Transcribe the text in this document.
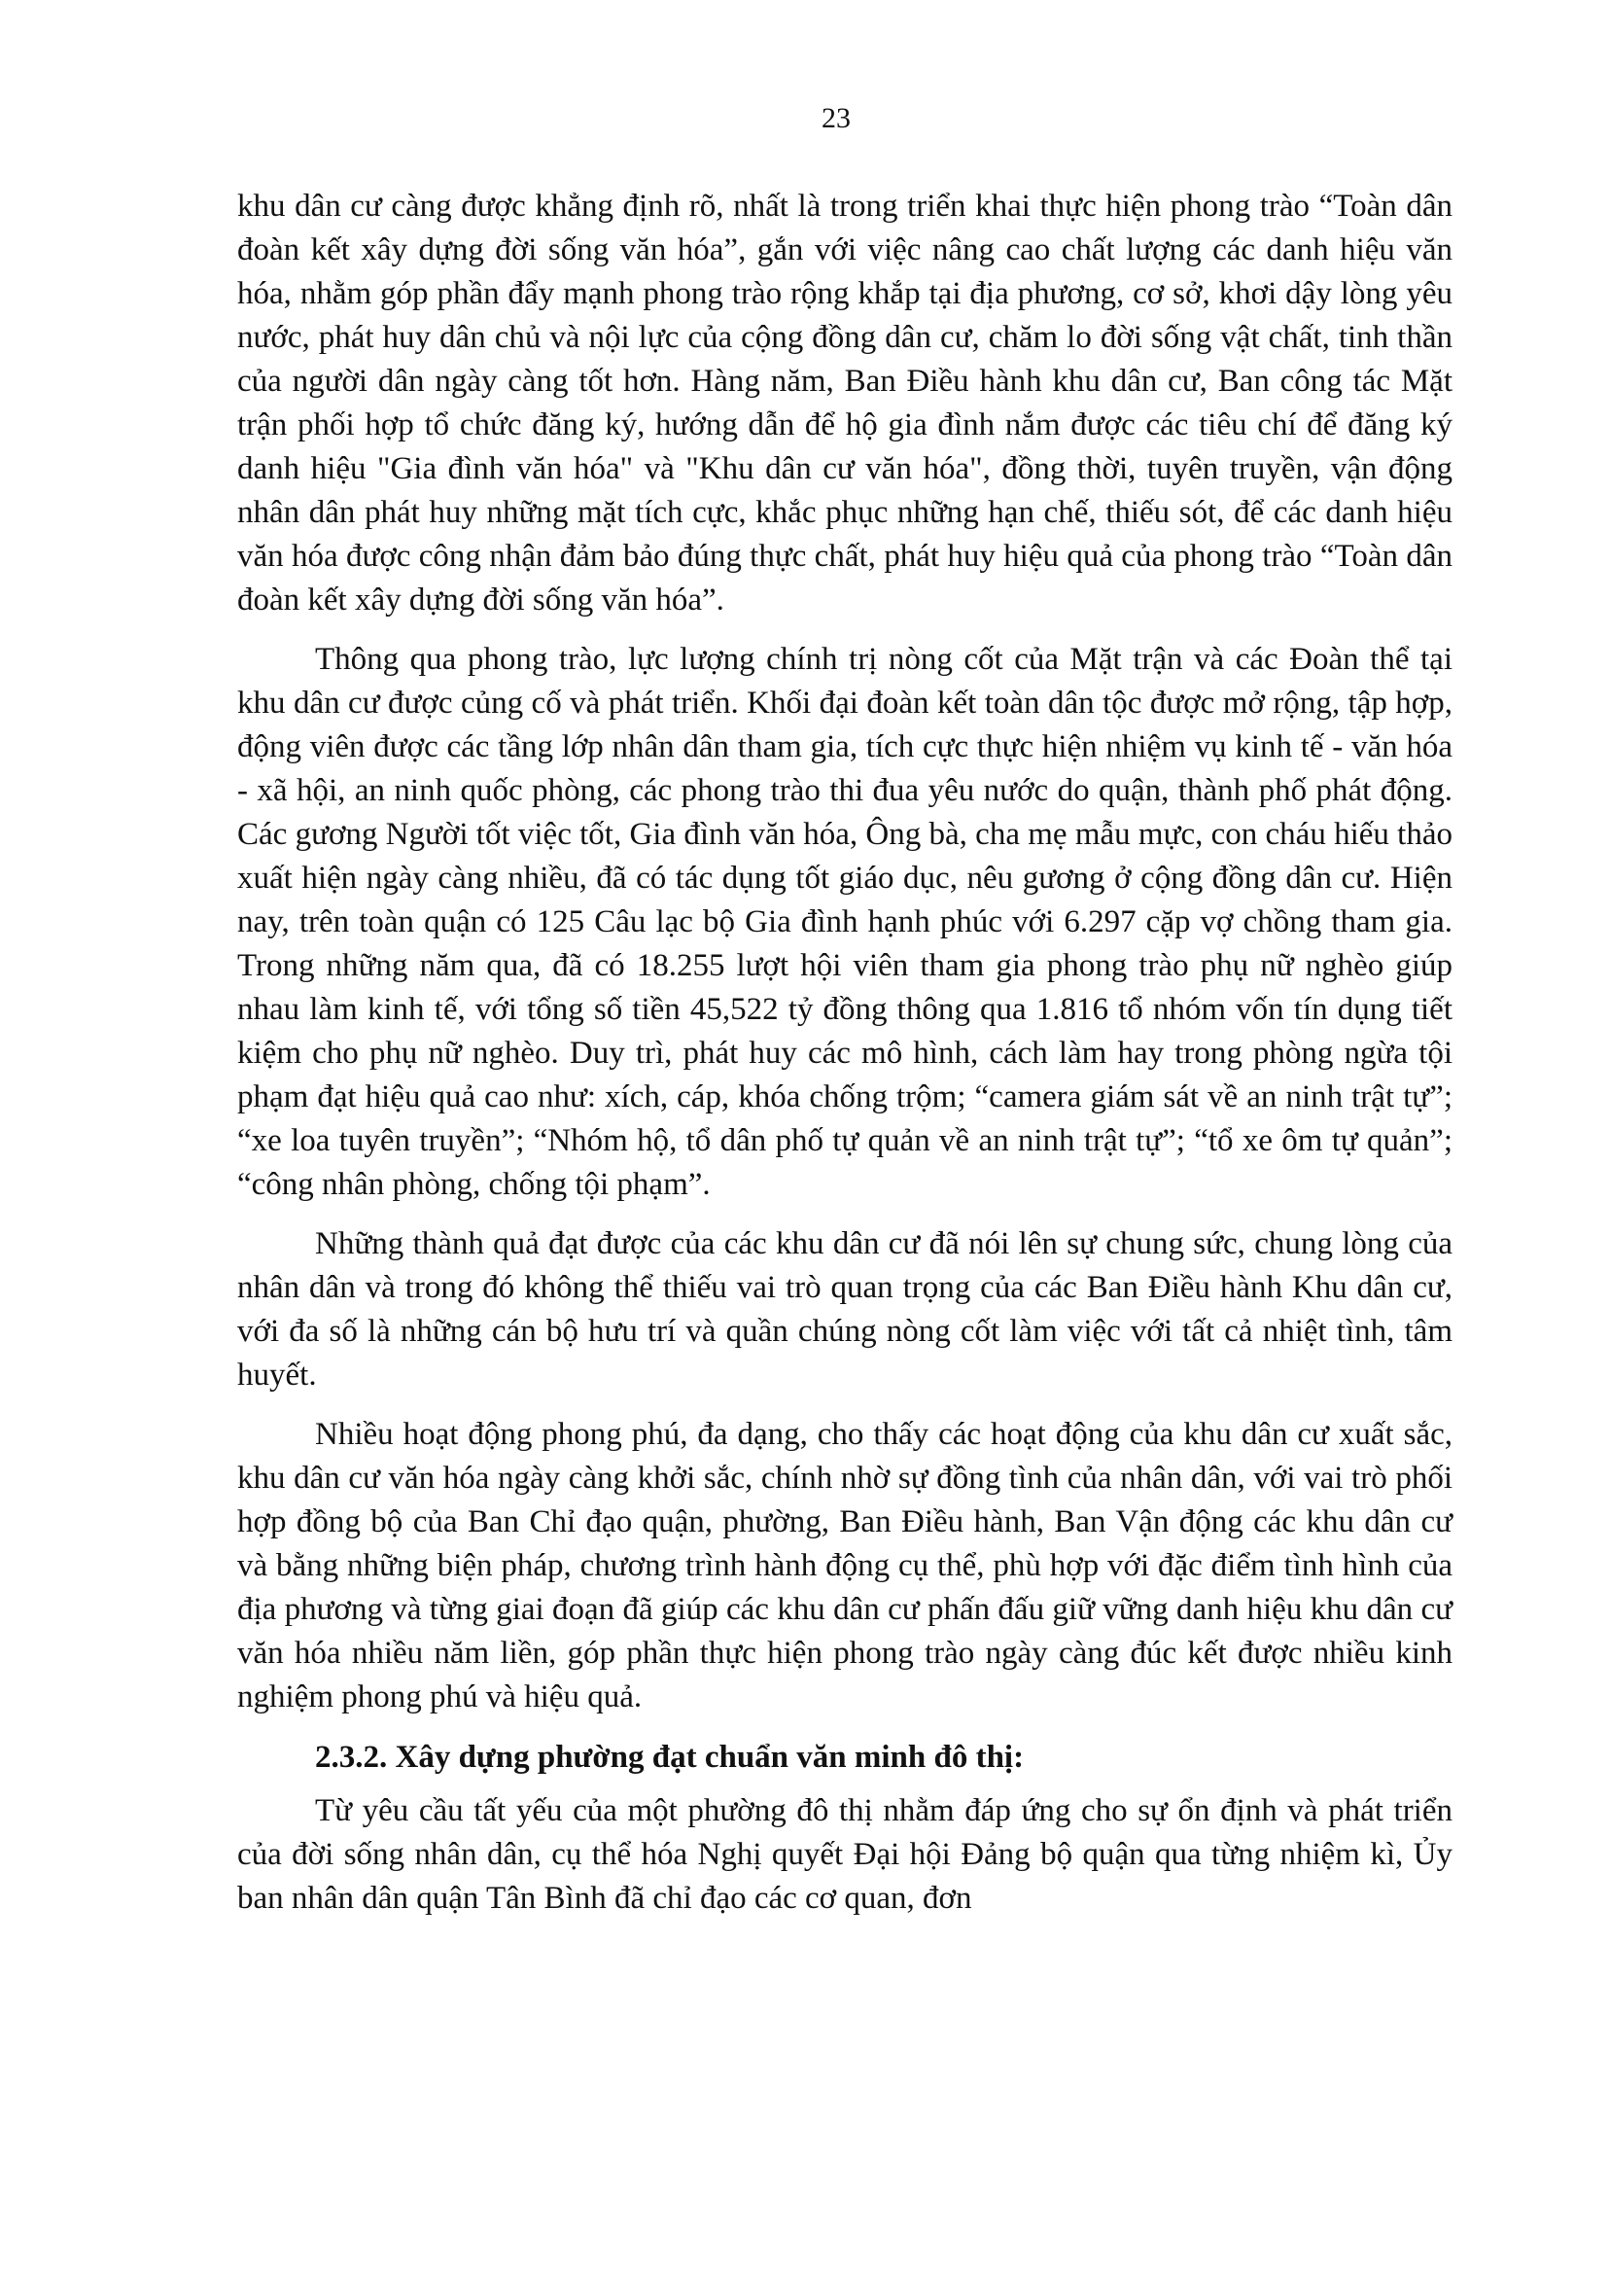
23

khu dân cư càng được khẳng định rõ, nhất là trong triển khai thực hiện phong trào “Toàn dân đoàn kết xây dựng đời sống văn hóa”, gắn với việc nâng cao chất lượng các danh hiệu văn hóa, nhằm góp phần đẩy mạnh phong trào rộng khắp tại địa phương, cơ sở, khơi dậy lòng yêu nước, phát huy dân chủ và nội lực của cộng đồng dân cư, chăm lo đời sống vật chất, tinh thần của người dân ngày càng tốt hơn. Hàng năm, Ban Điều hành khu dân cư, Ban công tác Mặt trận phối hợp tổ chức đăng ký, hướng dẫn để hộ gia đình nắm được các tiêu chí để đăng ký danh hiệu "Gia đình văn hóa" và "Khu dân cư văn hóa", đồng thời, tuyên truyền, vận động nhân dân phát huy những mặt tích cực, khắc phục những hạn chế, thiếu sót, để các danh hiệu văn hóa được công nhận đảm bảo đúng thực chất, phát huy hiệu quả của phong trào “Toàn dân đoàn kết xây dựng đời sống văn hóa”.

Thông qua phong trào, lực lượng chính trị nòng cốt của Mặt trận và các Đoàn thể tại khu dân cư được củng cố và phát triển. Khối đại đoàn kết toàn dân tộc được mở rộng, tập hợp, động viên được các tầng lớp nhân dân tham gia, tích cực thực hiện nhiệm vụ kinh tế - văn hóa - xã hội, an ninh quốc phòng, các phong trào thi đua yêu nước do quận, thành phố phát động. Các gương Người tốt việc tốt, Gia đình văn hóa, Ông bà, cha mẹ mẫu mực, con cháu hiếu thảo xuất hiện ngày càng nhiều, đã có tác dụng tốt giáo dục, nêu gương ở cộng đồng dân cư. Hiện nay, trên toàn quận có 125 Câu lạc bộ Gia đình hạnh phúc với 6.297 cặp vợ chồng tham gia. Trong những năm qua, đã có 18.255 lượt hội viên tham gia phong trào phụ nữ nghèo giúp nhau làm kinh tế, với tổng số tiền 45,522 tỷ đồng thông qua 1.816 tổ nhóm vốn tín dụng tiết kiệm cho phụ nữ nghèo. Duy trì, phát huy các mô hình, cách làm hay trong phòng ngừa tội phạm đạt hiệu quả cao như: xích, cáp, khóa chống trộm; “camera giám sát về an ninh trật tự”; “xe loa tuyên truyền”; “Nhóm hộ, tổ dân phố tự quản về an ninh trật tự”; “tổ xe ôm tự quản”; “công nhân phòng, chống tội phạm”.

Những thành quả đạt được của các khu dân cư đã nói lên sự chung sức, chung lòng của nhân dân và trong đó không thể thiếu vai trò quan trọng của các Ban Điều hành Khu dân cư, với đa số là những cán bộ hưu trí và quần chúng nòng cốt làm việc với tất cả nhiệt tình, tâm huyết.

Nhiều hoạt động phong phú, đa dạng, cho thấy các hoạt động của khu dân cư xuất sắc, khu dân cư văn hóa ngày càng khởi sắc, chính nhờ sự đồng tình của nhân dân, với vai trò phối hợp đồng bộ của Ban Chỉ đạo quận, phường, Ban Điều hành, Ban Vận động các khu dân cư và bằng những biện pháp, chương trình hành động cụ thể, phù hợp với đặc điểm tình hình của địa phương và từng giai đoạn đã giúp các khu dân cư phấn đấu giữ vững danh hiệu khu dân cư văn hóa nhiều năm liền, góp phần thực hiện phong trào ngày càng đúc kết được nhiều kinh nghiệm phong phú và hiệu quả.

2.3.2. Xây dựng phường đạt chuẩn văn minh đô thị:

Từ yêu cầu tất yếu của một phường đô thị nhằm đáp ứng cho sự ổn định và phát triển của đời sống nhân dân, cụ thể hóa Nghị quyết Đại hội Đảng bộ quận qua từng nhiệm kì, Ủy ban nhân dân quận Tân Bình đã chỉ đạo các cơ quan, đơn
